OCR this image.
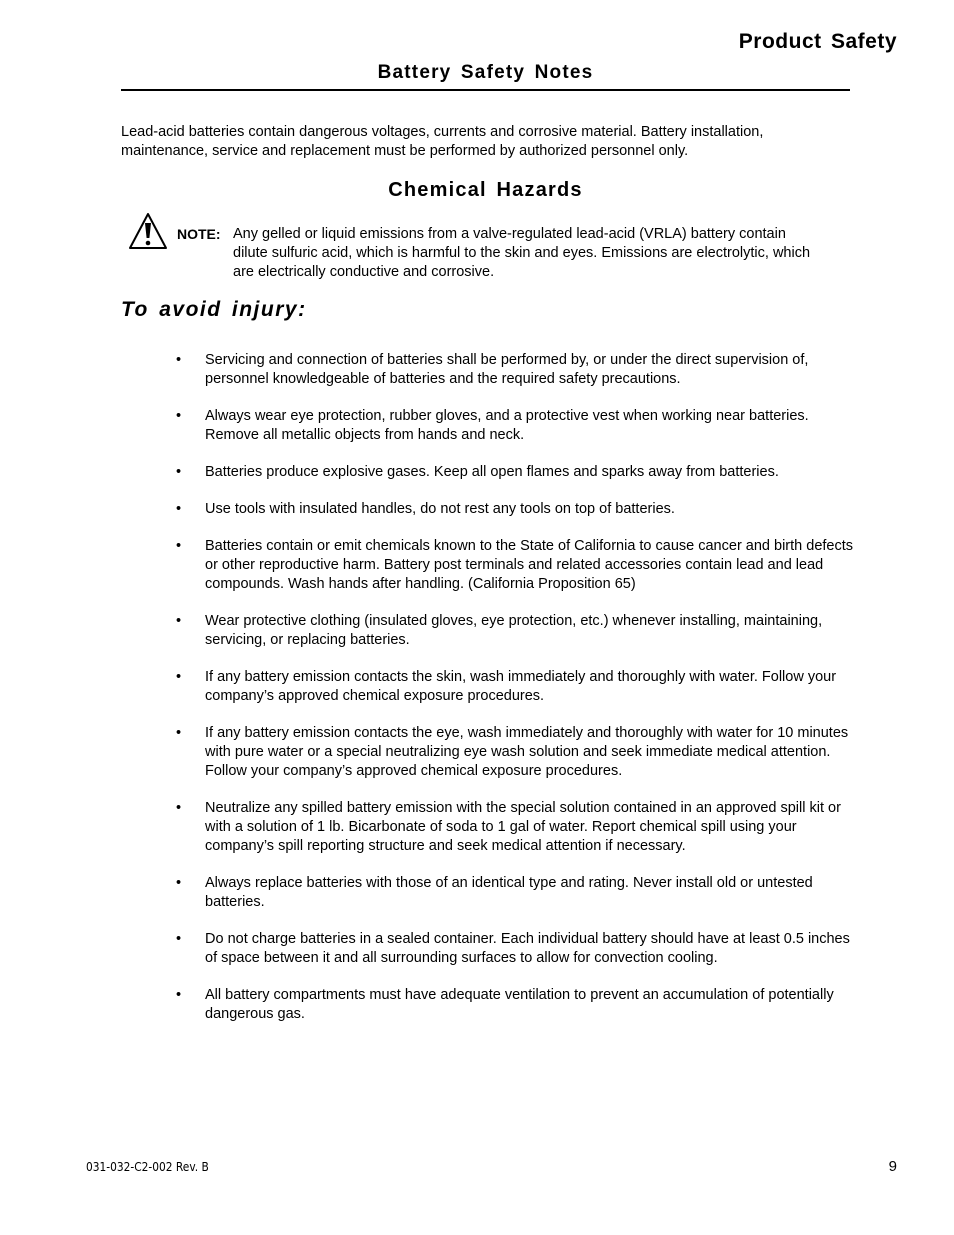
Product Safety
Battery Safety Notes

Lead-acid batteries contain dangerous voltages, currents and corrosive material. Battery installation, maintenance, service and replacement must be performed by authorized personnel only.

Chemical Hazards
NOTE: Any gelled or liquid emissions from a valve-regulated lead-acid (VRLA) battery contain dilute sulfuric acid, which is harmful to the skin and eyes. Emissions are electrolytic, which are electrically conductive and corrosive.

To avoid injury:
• Servicing and connection of batteries shall be performed by, or under the direct supervision of, personnel knowledgeable of batteries and the required safety precautions.
• Always wear eye protection, rubber gloves, and a protective vest when working near batteries. Remove all metallic objects from hands and neck.
• Batteries produce explosive gases. Keep all open flames and sparks away from batteries.
• Use tools with insulated handles, do not rest any tools on top of batteries.
• Batteries contain or emit chemicals known to the State of California to cause cancer and birth defects or other reproductive harm. Battery post terminals and related accessories contain lead and lead compounds. Wash hands after handling. (California Proposition 65)
• Wear protective clothing (insulated gloves, eye protection, etc.) whenever installing, maintaining, servicing, or replacing batteries.
• If any battery emission contacts the skin, wash immediately and thoroughly with water. Follow your company’s approved chemical exposure procedures.
• If any battery emission contacts the eye, wash immediately and thoroughly with water for 10 minutes with pure water or a special neutralizing eye wash solution and seek immediate medical attention. Follow your company’s approved chemical exposure procedures.
• Neutralize any spilled battery emission with the special solution contained in an approved spill kit or with a solution of 1 lb. Bicarbonate of soda to 1 gal of water. Report chemical spill using your company’s spill reporting structure and seek medical attention if necessary.
• Always replace batteries with those of an identical type and rating. Never install old or untested batteries.
• Do not charge batteries in a sealed container. Each individual battery should have at least 0.5 inches of space between it and all surrounding surfaces to allow for convection cooling.
• All battery compartments must have adequate ventilation to prevent an accumulation of potentially dangerous gas.
031-032-C2-002 Rev. B	9
